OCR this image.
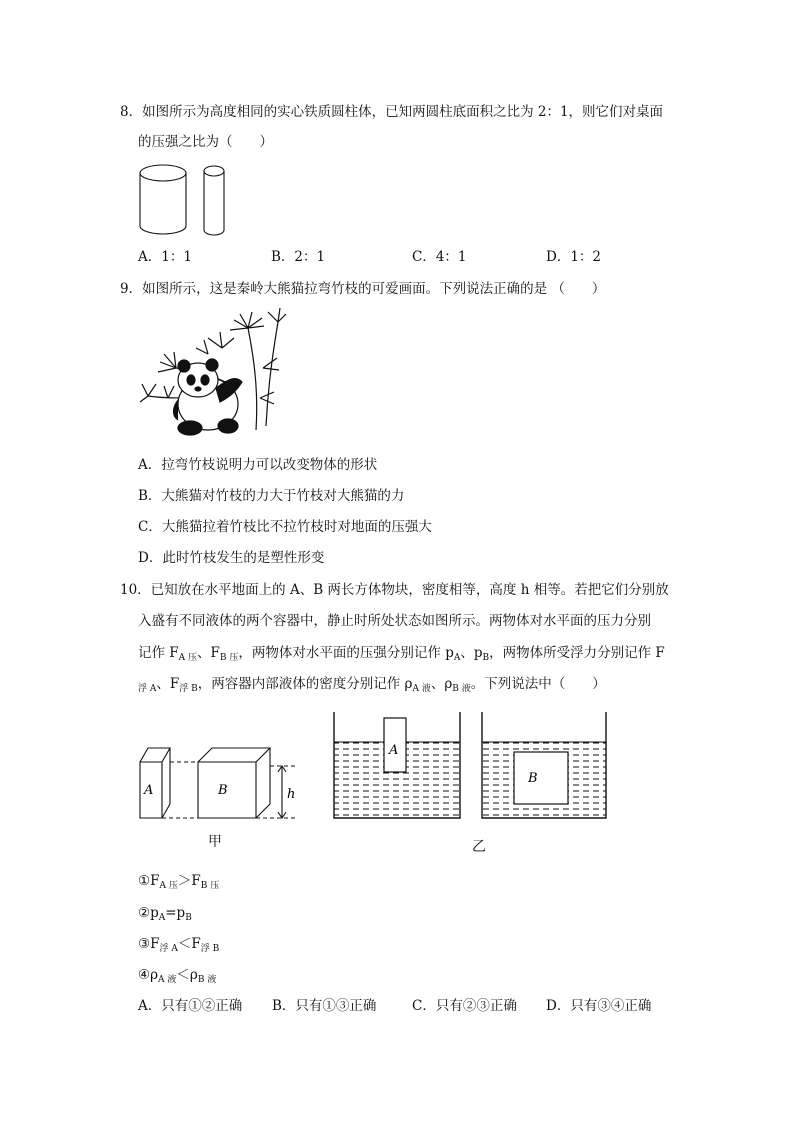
8．如图所示为高度相同的实心铁质圆柱体，已知两圆柱底面积之比为 2：1，则它们对桌面
的压强之比为（　　）
A．1：1	B．2：1	C．4：1	D．1：2
9．如图所示，这是秦岭大熊猫拉弯竹枝的可爱画面。下列说法正确的是 （　　）
A．拉弯竹枝说明力可以改变物体的形状
B．大熊猫对竹枝的力大于竹枝对大熊猫的力
C．大熊猫拉着竹枝比不拉竹枝时对地面的压强大
D．此时竹枝发生的是塑性形变
10．已知放在水平地面上的 A、B 两长方体物块，密度相等，高度 h 相等。若把它们分别放
入盛有不同液体的两个容器中，静止时所处状态如图所示。两物体对水平面的压力分别
记作 $F_{A 压}$、$F_{B 压}$，两物体对水平面的压强分别记作 $p_A$、$p_B$，两物体所受浮力分别记作 F
$_{浮 A}$、$F_{浮 B}$，两容器内部液体的密度分别记作 $\rho_{A 液}$、$\rho_{B 液}$。下列说法中（　　）
A	B	h
甲
A
B
乙
$①F_{A 压}>F_{B 压}$
$②p_A=p_B$
$③F_{浮 A}<F_{浮 B}$
$④\rho_{A 液}<\rho_{B 液}$
A．只有①②正确 B．只有①③正确	C．只有②③正确 D．只有③④正确
